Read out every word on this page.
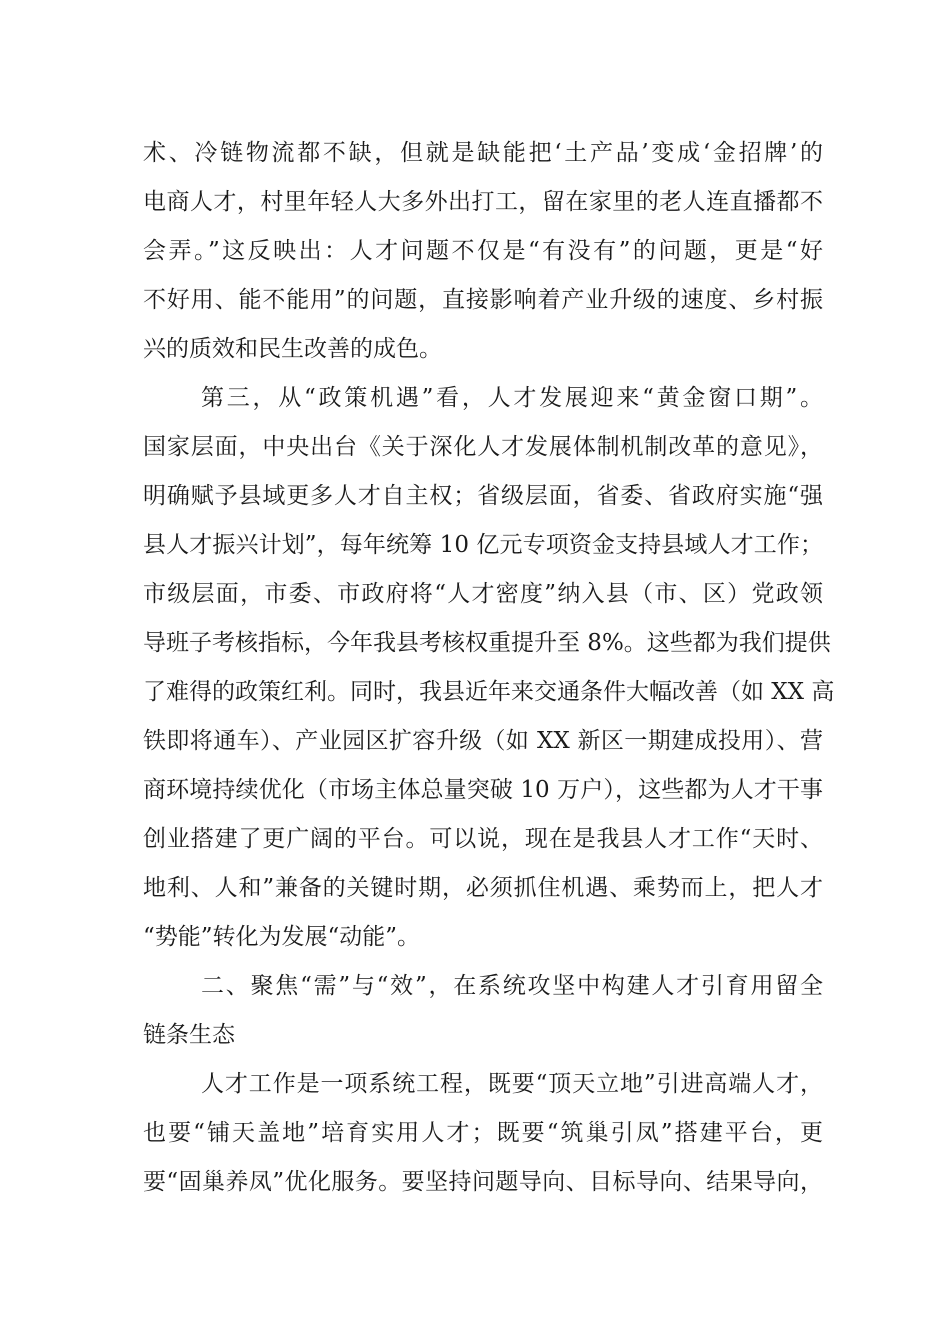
术、冷链物流都不缺，但就是缺能把‘土产品’变成‘金招牌’的
电商人才，村里年轻人大多外出打工，留在家里的老人连直播都不
会弄。”这反映出：人才问题不仅是“有没有”的问题，更是“好
不好用、能不能用”的问题，直接影响着产业升级的速度、乡村振
兴的质效和民生改善的成色。
第三，从“政策机遇”看，人才发展迎来“黄金窗口期”。
国家层面，中央出台《关于深化人才发展体制机制改革的意见》，
明确赋予县域更多人才自主权；省级层面，省委、省政府实施“强
县人才振兴计划”，每年统筹 10 亿元专项资金支持县域人才工作；
市级层面，市委、市政府将“人才密度”纳入县（市、区）党政领
导班子考核指标，今年我县考核权重提升至 8%。这些都为我们提供
了难得的政策红利。同时，我县近年来交通条件大幅改善（如 XX 高
铁即将通车）、产业园区扩容升级（如 XX 新区一期建成投用）、营
商环境持续优化（市场主体总量突破 10 万户），这些都为人才干事
创业搭建了更广阔的平台。可以说，现在是我县人才工作“天时、
地利、人和”兼备的关键时期，必须抓住机遇、乘势而上，把人才
“势能”转化为发展“动能”。
二、聚焦“需”与“效”，在系统攻坚中构建人才引育用留全
链条生态
人才工作是一项系统工程，既要“顶天立地”引进高端人才，
也要“铺天盖地”培育实用人才；既要“筑巢引凤”搭建平台，更
要“固巢养凤”优化服务。要坚持问题导向、目标导向、结果导向，
